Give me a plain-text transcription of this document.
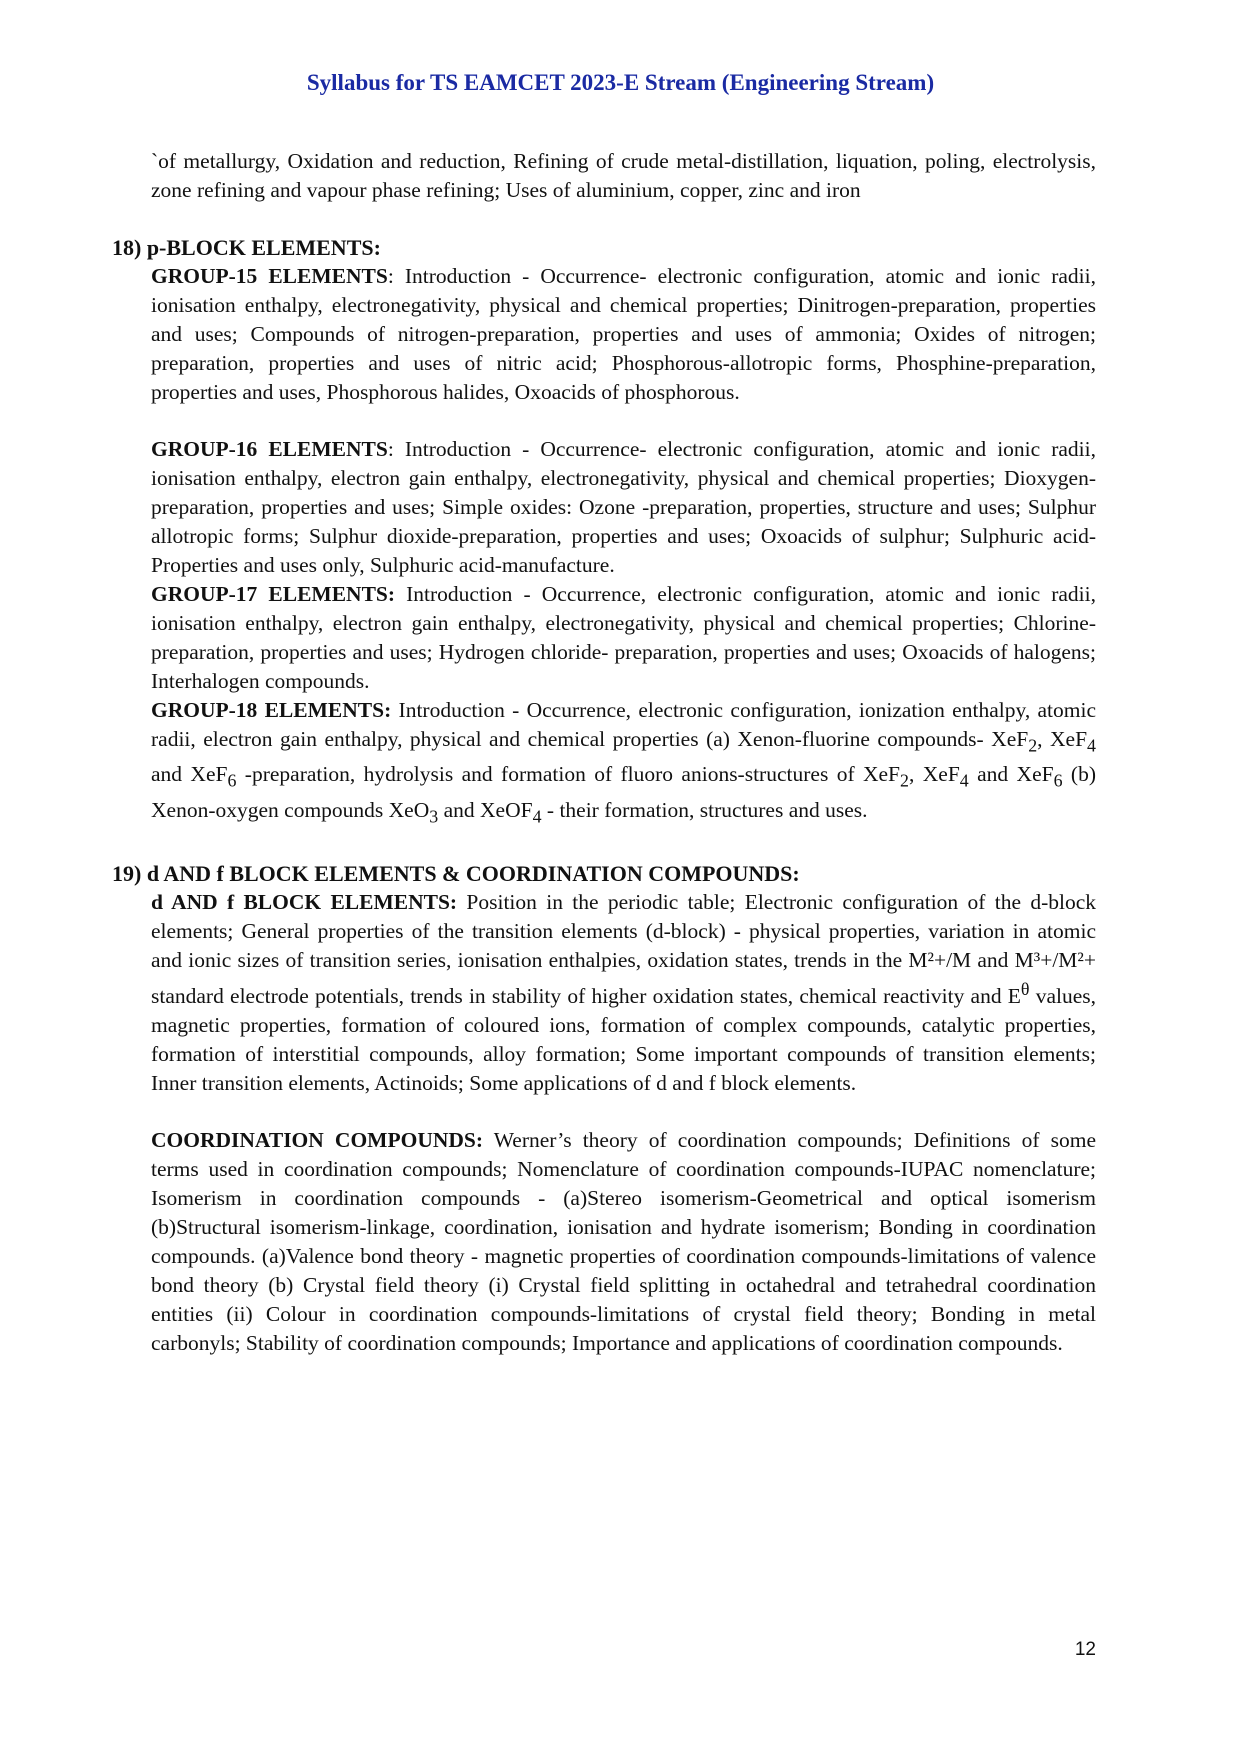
Syllabus for TS EAMCET 2023-E Stream (Engineering Stream)

`of metallurgy, Oxidation and reduction, Refining of crude metal-distillation, liquation, poling, electrolysis, zone refining and vapour phase refining; Uses of aluminium, copper, zinc and iron

18) p-BLOCK ELEMENTS:

GROUP-15 ELEMENTS: Introduction - Occurrence- electronic configuration, atomic and ionic radii, ionisation enthalpy, electronegativity, physical and chemical properties; Dinitrogen-preparation, properties and uses; Compounds of nitrogen-preparation, properties and uses of ammonia; Oxides of nitrogen; preparation, properties and uses of nitric acid; Phosphorous-allotropic forms, Phosphine-preparation, properties and uses, Phosphorous halides, Oxoacids of phosphorous.

GROUP-16 ELEMENTS: Introduction - Occurrence- electronic configuration, atomic and ionic radii, ionisation enthalpy, electron gain enthalpy, electronegativity, physical and chemical properties; Dioxygen-preparation, properties and uses; Simple oxides: Ozone -preparation, properties, structure and uses; Sulphur allotropic forms; Sulphur dioxide-preparation, properties and uses; Oxoacids of sulphur; Sulphuric acid-Properties and uses only, Sulphuric acid-manufacture.

GROUP-17 ELEMENTS: Introduction - Occurrence, electronic configuration, atomic and ionic radii, ionisation enthalpy, electron gain enthalpy, electronegativity, physical and chemical properties; Chlorine- preparation, properties and uses; Hydrogen chloride- preparation, properties and uses; Oxoacids of halogens; Interhalogen compounds.

GROUP-18 ELEMENTS: Introduction - Occurrence, electronic configuration, ionization enthalpy, atomic radii, electron gain enthalpy, physical and chemical properties (a) Xenon-fluorine compounds- XeF$_2$, XeF$_4$ and XeF$_6$ -preparation, hydrolysis and formation of fluoro anions-structures of XeF$_2$, XeF$_4$ and XeF$_6$ (b) Xenon-oxygen compounds XeO$_3$ and XeOF$_4$ - their formation, structures and uses.

19) d AND f BLOCK ELEMENTS & COORDINATION COMPOUNDS:

d AND f BLOCK ELEMENTS: Position in the periodic table; Electronic configuration of the d-block elements; General properties of the transition elements (d-block) - physical properties, variation in atomic and ionic sizes of transition series, ionisation enthalpies, oxidation states, trends in the M²+/M and M³+/M²+ standard electrode potentials, trends in stability of higher oxidation states, chemical reactivity and $E^\theta$ values, magnetic properties, formation of coloured ions, formation of complex compounds, catalytic properties, formation of interstitial compounds, alloy formation; Some important compounds of transition elements; Inner transition elements, Actinoids; Some applications of d and f block elements.

COORDINATION COMPOUNDS: Werner’s theory of coordination compounds; Definitions of some terms used in coordination compounds; Nomenclature of coordination compounds-IUPAC nomenclature; Isomerism in coordination compounds - (a)Stereo isomerism-Geometrical and optical isomerism (b)Structural isomerism-linkage, coordination, ionisation and hydrate isomerism; Bonding in coordination compounds. (a)Valence bond theory - magnetic properties of coordination compounds-limitations of valence bond theory (b) Crystal field theory (i) Crystal field splitting in octahedral and tetrahedral coordination entities (ii) Colour in coordination compounds-limitations of crystal field theory; Bonding in metal carbonyls; Stability of coordination compounds; Importance and applications of coordination compounds.

12
